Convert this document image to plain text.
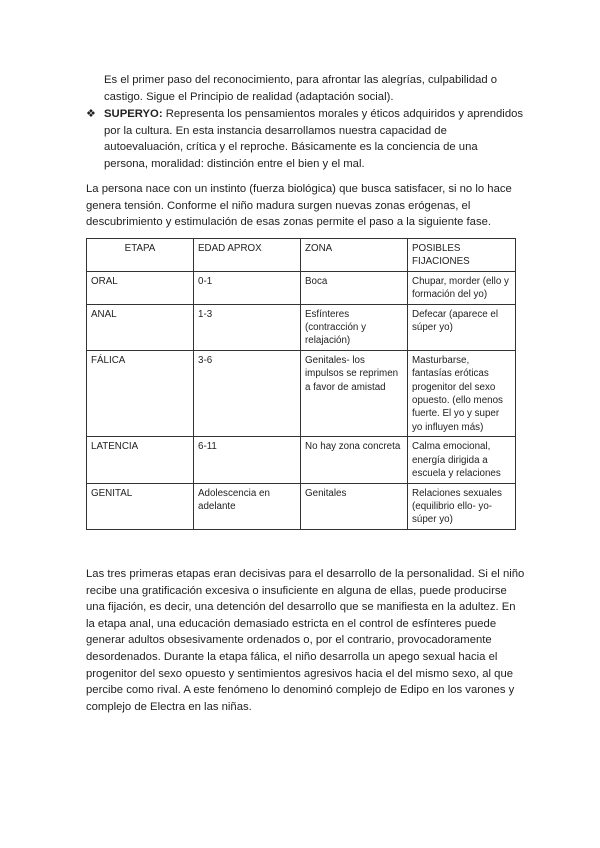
Es el primer paso del reconocimiento, para afrontar las alegrías, culpabilidad o castigo. Sigue el Principio de realidad (adaptación social).

❖ SUPERYO: Representa los pensamientos morales y éticos adquiridos y aprendidos por la cultura. En esta instancia desarrollamos nuestra capacidad de autoevaluación, crítica y el reproche. Básicamente es la conciencia de una persona, moralidad: distinción entre el bien y el mal.

La persona nace con un instinto (fuerza biológica) que busca satisfacer, si no lo hace genera tensión. Conforme el niño madura surgen nuevas zonas erógenas, el descubrimiento y estimulación de esas zonas permite el paso a la siguiente fase.

ETAPA	EDAD APROX	ZONA	POSIBLES FIJACIONES
ORAL	0-1	Boca	Chupar, morder (ello y formación del yo)
ANAL	1-3	Esfínteres (contracción y relajación)	Defecar (aparece el súper yo)
FÁLICA	3-6	Genitales- los impulsos se reprimen a favor de amistad	Masturbarse, fantasías eróticas progenitor del sexo opuesto. (ello menos fuerte. El yo y super yo influyen más)
LATENCIA	6-11	No hay zona concreta	Calma emocional, energía dirigida a escuela y relaciones
GENITAL	Adolescencia en adelante	Genitales	Relaciones sexuales (equilibrio ello- yo-súper yo)

Las tres primeras etapas eran decisivas para el desarrollo de la personalidad. Si el niño recibe una gratificación excesiva o insuficiente en alguna de ellas, puede producirse una fijación, es decir, una detención del desarrollo que se manifiesta en la adultez. En la etapa anal, una educación demasiado estricta en el control de esfínteres puede generar adultos obsesivamente ordenados o, por el contrario, provocadoramente desordenados. Durante la etapa fálica, el niño desarrolla un apego sexual hacia el progenitor del sexo opuesto y sentimientos agresivos hacia el del mismo sexo, al que percibe como rival. A este fenómeno lo denominó complejo de Edipo en los varones y complejo de Electra en las niñas.
